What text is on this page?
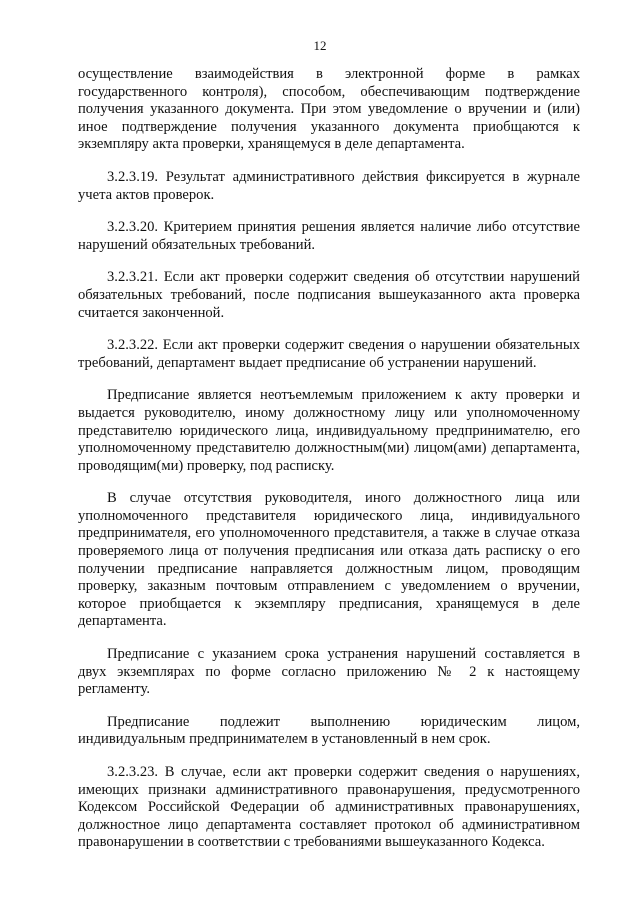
12

осуществление взаимодействия в электронной форме в рамках государственного контроля), способом, обеспечивающим подтверждение получения указанного документа. При этом уведомление о вручении и (или) иное подтверждение получения указанного документа приобщаются к экземпляру акта проверки, хранящемуся в деле департамента.

3.2.3.19. Результат административного действия фиксируется в журнале учета актов проверок.

3.2.3.20. Критерием принятия решения является наличие либо отсутствие нарушений обязательных требований.

3.2.3.21. Если акт проверки содержит сведения об отсутствии нарушений обязательных требований, после подписания вышеуказанного акта проверка считается законченной.

3.2.3.22. Если акт проверки содержит сведения о нарушении обязательных требований, департамент выдает предписание об устранении нарушений.

Предписание является неотъемлемым приложением к акту проверки и выдается руководителю, иному должностному лицу или уполномоченному представителю юридического лица, индивидуальному предпринимателю, его уполномоченному представителю должностным(ми) лицом(ами) департамента, проводящим(ми) проверку, под расписку.

В случае отсутствия руководителя, иного должностного лица или уполномоченного представителя юридического лица, индивидуального предпринимателя, его уполномоченного представителя, а также в случае отказа проверяемого лица от получения предписания или отказа дать расписку о его получении предписание направляется должностным лицом, проводящим проверку, заказным почтовым отправлением с уведомлением о вручении, которое приобщается к экземпляру предписания, хранящемуся в деле департамента.

Предписание с указанием срока устранения нарушений составляется в двух экземплярах по форме согласно приложению № 2 к настоящему регламенту.

Предписание подлежит выполнению юридическим лицом, индивидуальным предпринимателем в установленный в нем срок.

3.2.3.23. В случае, если акт проверки содержит сведения о нарушениях, имеющих признаки административного правонарушения, предусмотренного Кодексом Российской Федерации об административных правонарушениях, должностное лицо департамента составляет протокол об административном правонарушении в соответствии с требованиями вышеуказанного Кодекса.
